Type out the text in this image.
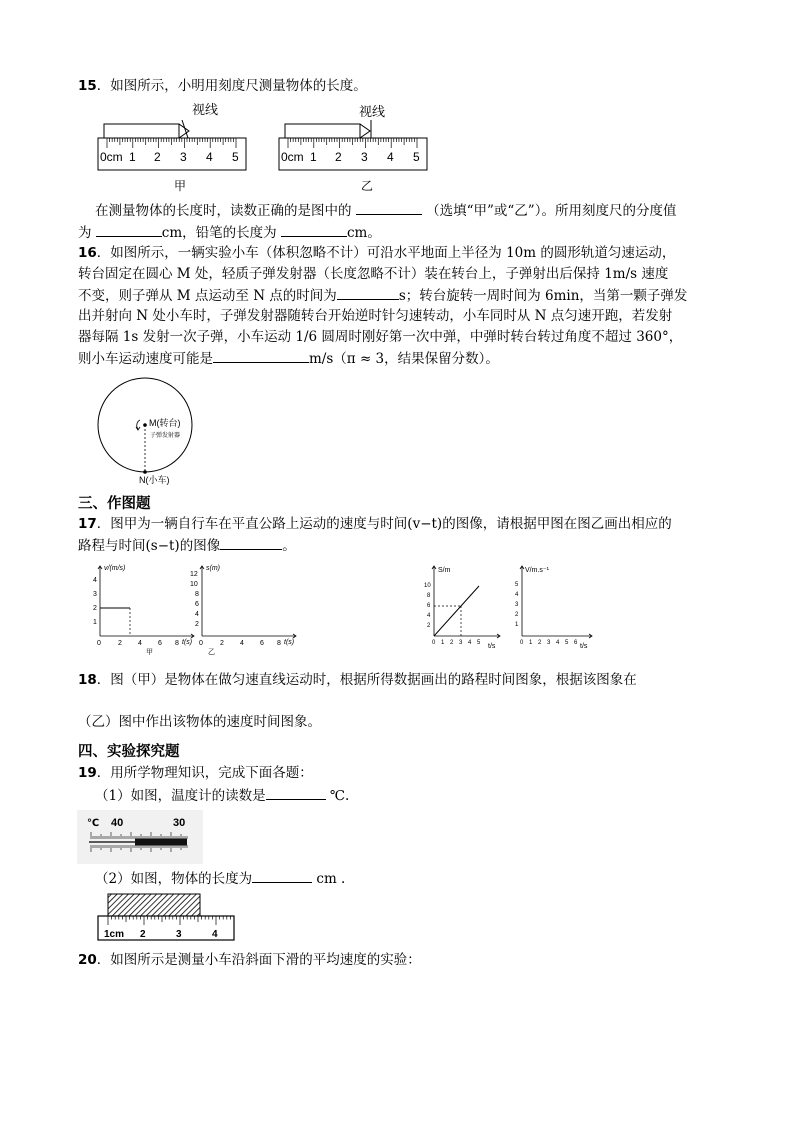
15．如图所示，小明用刻度尺测量物体的长度。
视线
0cm 1 2 3 4 5
甲
视线
0cm 1 2 3 4 5
乙
在测量物体的长度时，读数正确的是图中的	（选填“甲”或“乙”）。所用刻度尺的分度值
为	cm，铅笔的长度为	cm。
16．如图所示，一辆实验小车（体积忽略不计）可沿水平地面上半径为 10m 的圆形轨道匀速运动，
转台固定在圆心 M 处，轻质子弹发射器（长度忽略不计）装在转台上，子弹射出后保持 1m/s 速度
不变，则子弹从 M 点运动至 N 点的时间为	s；转台旋转一周时间为 6min，当第一颗子弹发
出并射向 N 处小车时，子弹发射器随转台开始逆时针匀速转动，小车同时从 N 点匀速开跑，若发射
器每隔 1s 发射一次子弹，小车运动 1/6 圆周时刚好第一次中弹，中弹时转台转过角度不超过 360°，
则小车运动速度可能是	m/s（π ≈ 3，结果保留分数）。
M(转台)
子弹发射器
N(小车)
三、作图题
17．图甲为一辆自行车在平直公路上运动的速度与时间(v−t)的图像，请根据甲图在图乙画出相应的
路程与时间(s−t)的图像	。
v/(m/s)
t(s)
4
3
2
1
0 2 4 6 8
甲
s(m)
t(s)
12
10
8
6
4
2
0 2 4 6 8
乙
S/m
t/s
10
8
6
4
2
0 1 2 3 4 5
V/m.s⁻¹
t/s
5
4
3
2
1
0 1 2 3 4 5 6
18．图（甲）是物体在做匀速直线运动时，根据所得数据画出的路程时间图象，根据该图象在
（乙）图中作出该物体的速度时间图象。
四、实验探究题
19．用所学物理知识，完成下面各题：
（1）如图，温度计的读数是	℃.
℃ 40	30
（2）如图，物体的长度为	cm .
1cm 2	3	4
20．如图所示是测量小车沿斜面下滑的平均速度的实验：
